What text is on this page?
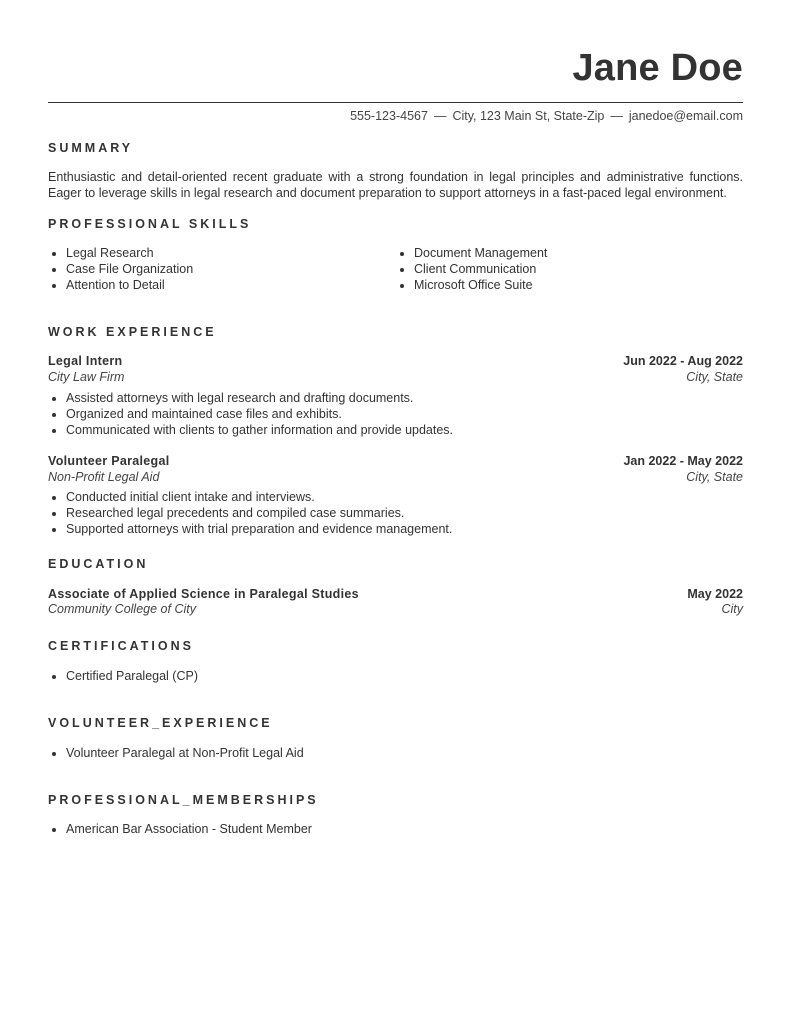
Jane Doe
555-123-4567 — City, 123 Main St, State-Zip — janedoe@email.com
SUMMARY
Enthusiastic and detail-oriented recent graduate with a strong foundation in legal principles and administrative functions. Eager to leverage skills in legal research and document preparation to support attorneys in a fast-paced legal environment.
PROFESSIONAL SKILLS
• Legal Research
• Case File Organization
• Attention to Detail
• Document Management
• Client Communication
• Microsoft Office Suite
WORK EXPERIENCE
Legal Intern	Jun 2022 - Aug 2022
City Law Firm	City, State
• Assisted attorneys with legal research and drafting documents.
• Organized and maintained case files and exhibits.
• Communicated with clients to gather information and provide updates.
Volunteer Paralegal	Jan 2022 - May 2022
Non-Profit Legal Aid	City, State
• Conducted initial client intake and interviews.
• Researched legal precedents and compiled case summaries.
• Supported attorneys with trial preparation and evidence management.
EDUCATION
Associate of Applied Science in Paralegal Studies	May 2022
Community College of City	City
CERTIFICATIONS
• Certified Paralegal (CP)
VOLUNTEER_EXPERIENCE
• Volunteer Paralegal at Non-Profit Legal Aid
PROFESSIONAL_MEMBERSHIPS
• American Bar Association - Student Member
